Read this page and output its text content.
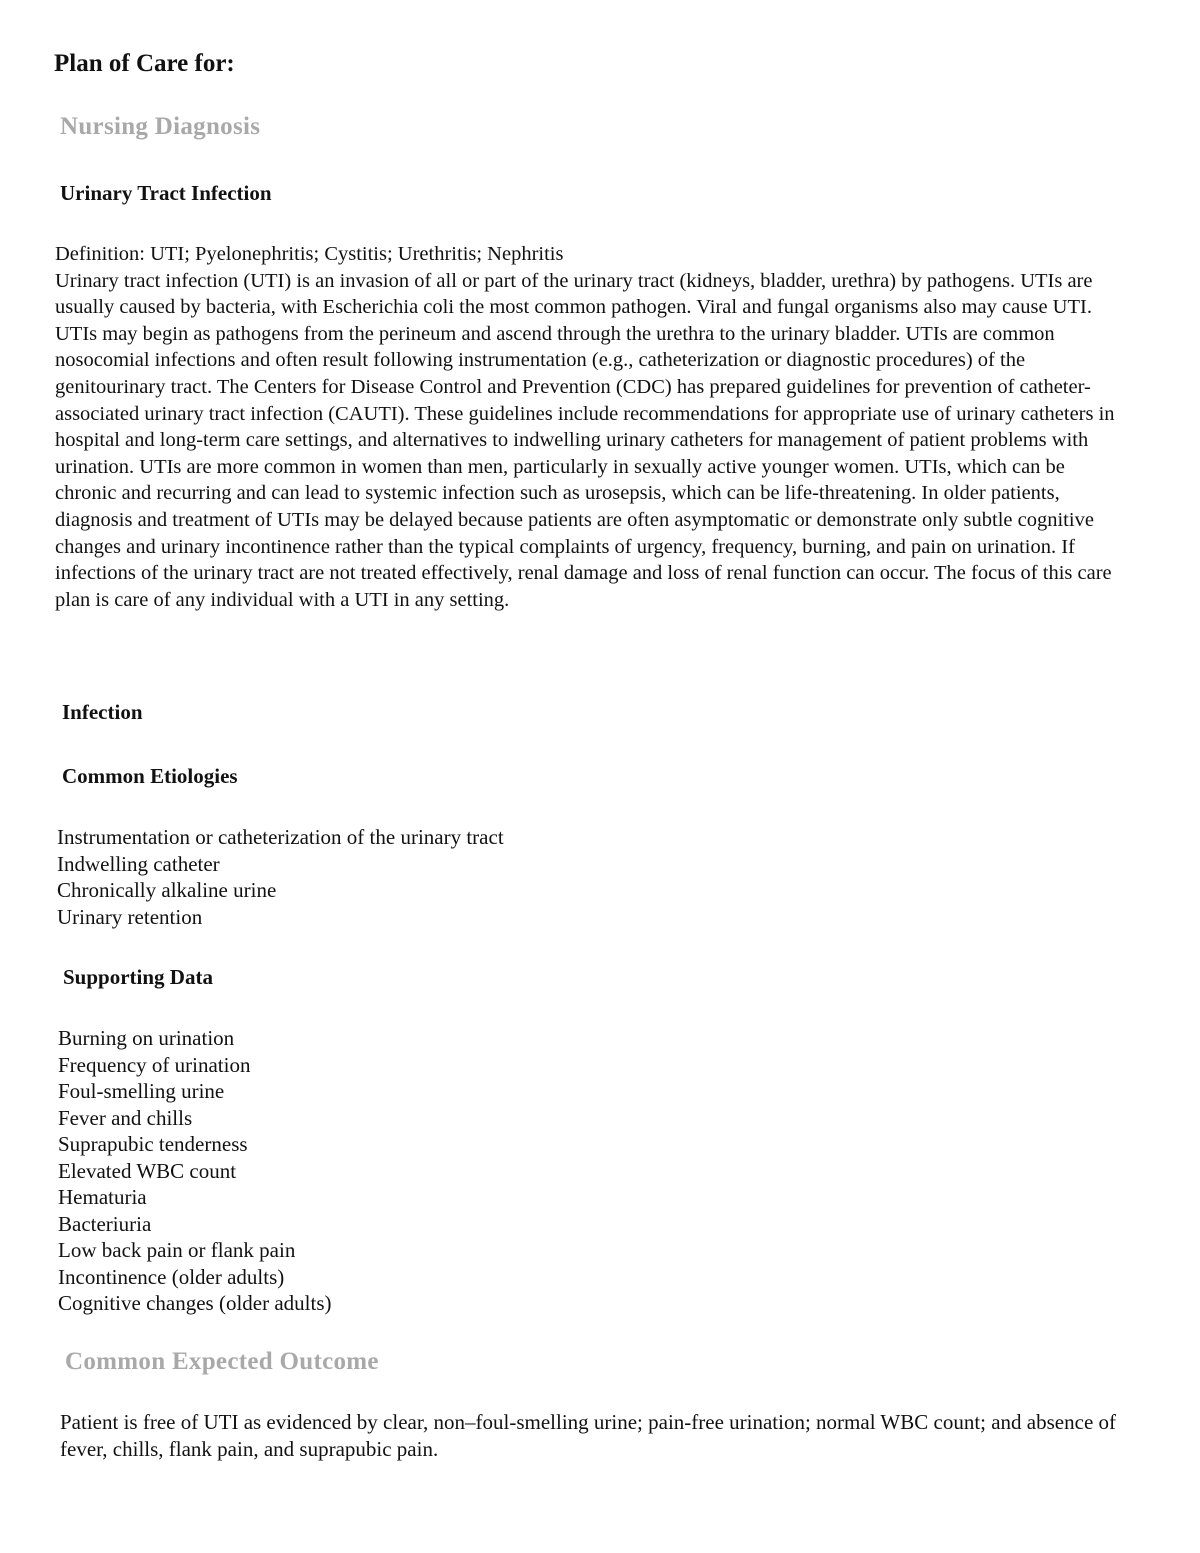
Plan of Care for:
Nursing Diagnosis
Urinary Tract Infection
Definition: UTI; Pyelonephritis; Cystitis; Urethritis; Nephritis
Urinary tract infection (UTI) is an invasion of all or part of the urinary tract (kidneys, bladder, urethra) by pathogens. UTIs are usually caused by bacteria, with Escherichia coli the most common pathogen. Viral and fungal organisms also may cause UTI. UTIs may begin as pathogens from the perineum and ascend through the urethra to the urinary bladder. UTIs are common nosocomial infections and often result following instrumentation (e.g., catheterization or diagnostic procedures) of the genitourinary tract. The Centers for Disease Control and Prevention (CDC) has prepared guidelines for prevention of catheter-associated urinary tract infection (CAUTI). These guidelines include recommendations for appropriate use of urinary catheters in hospital and long-term care settings, and alternatives to indwelling urinary catheters for management of patient problems with urination. UTIs are more common in women than men, particularly in sexually active younger women. UTIs, which can be chronic and recurring and can lead to systemic infection such as urosepsis, which can be life-threatening. In older patients, diagnosis and treatment of UTIs may be delayed because patients are often asymptomatic or demonstrate only subtle cognitive changes and urinary incontinence rather than the typical complaints of urgency, frequency, burning, and pain on urination. If infections of the urinary tract are not treated effectively, renal damage and loss of renal function can occur. The focus of this care plan is care of any individual with a UTI in any setting.
Infection
Common Etiologies
Instrumentation or catheterization of the urinary tract
Indwelling catheter
Chronically alkaline urine
Urinary retention
Supporting Data
Burning on urination
Frequency of urination
Foul-smelling urine
Fever and chills
Suprapubic tenderness
Elevated WBC count
Hematuria
Bacteriuria
Low back pain or flank pain
Incontinence (older adults)
Cognitive changes (older adults)
Common Expected Outcome

Patient is free of UTI as evidenced by clear, non–foul-smelling urine; pain-free urination; normal WBC count; and absence of fever, chills, flank pain, and suprapubic pain.
